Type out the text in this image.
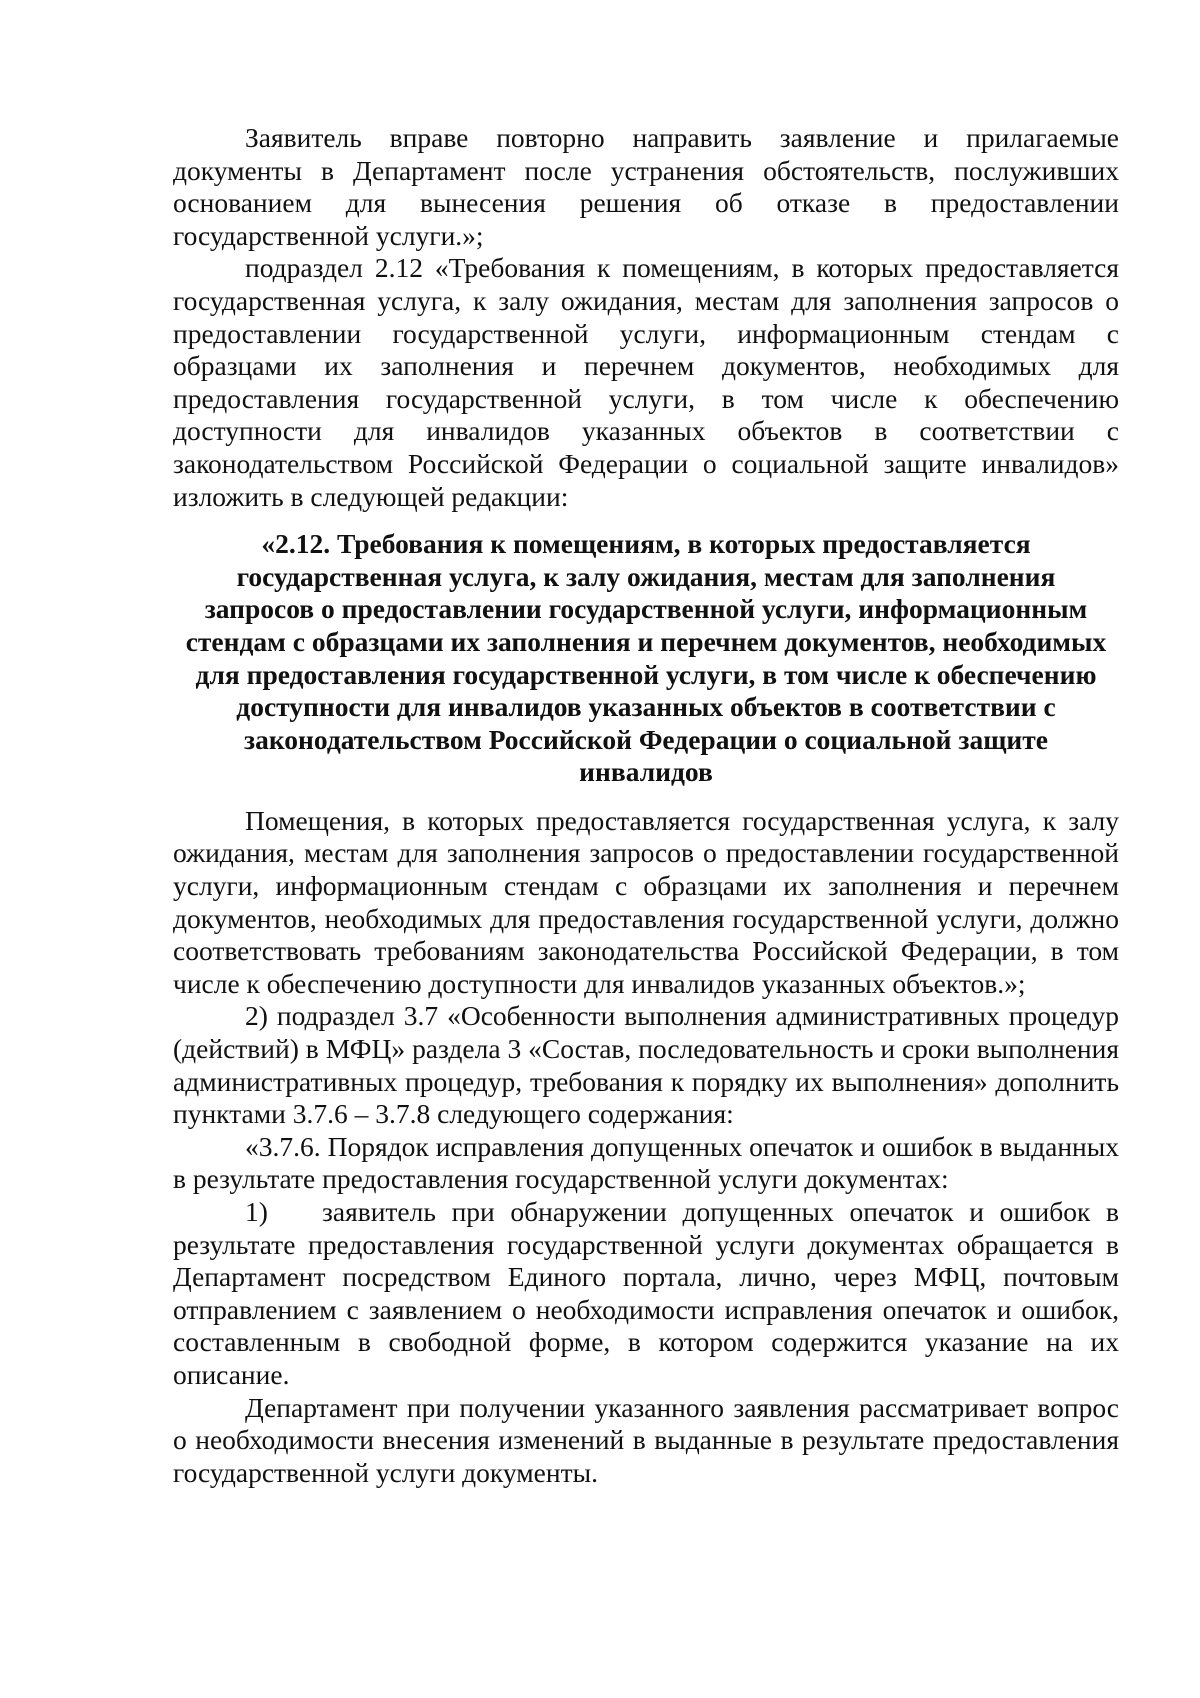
Заявитель вправе повторно направить заявление и прилагаемые документы в Департамент после устранения обстоятельств, послуживших основанием для вынесения решения об отказе в предоставлении государственной услуги.»;

подраздел 2.12 «Требования к помещениям, в которых предоставляется государственная услуга, к залу ожидания, местам для заполнения запросов о предоставлении государственной услуги, информационным стендам с образцами их заполнения и перечнем документов, необходимых для предоставления государственной услуги, в том числе к обеспечению доступности для инвалидов указанных объектов в соответствии с законодательством Российской Федерации о социальной защите инвалидов» изложить в следующей редакции:

«2.12. Требования к помещениям, в которых предоставляется государственная услуга, к залу ожидания, местам для заполнения запросов о предоставлении государственной услуги, информационным стендам с образцами их заполнения и перечнем документов, необходимых для предоставления государственной услуги, в том числе к обеспечению доступности для инвалидов указанных объектов в соответствии с законодательством Российской Федерации о социальной защите инвалидов

Помещения, в которых предоставляется государственная услуга, к залу ожидания, местам для заполнения запросов о предоставлении государственной услуги, информационным стендам с образцами их заполнения и перечнем документов, необходимых для предоставления государственной услуги, должно соответствовать требованиям законодательства Российской Федерации, в том числе к обеспечению доступности для инвалидов указанных объектов.»;

2) подраздел 3.7 «Особенности выполнения административных процедур (действий) в МФЦ» раздела 3 «Состав, последовательность и сроки выполнения административных процедур, требования к порядку их выполнения» дополнить пунктами 3.7.6 – 3.7.8 следующего содержания:

«3.7.6. Порядок исправления допущенных опечаток и ошибок в выданных в результате предоставления государственной услуги документах:

1) заявитель при обнаружении допущенных опечаток и ошибок в результате предоставления государственной услуги документах обращается в Департамент посредством Единого портала, лично, через МФЦ, почтовым отправлением с заявлением о необходимости исправления опечаток и ошибок, составленным в свободной форме, в котором содержится указание на их описание.

Департамент при получении указанного заявления рассматривает вопрос о необходимости внесения изменений в выданные в результате предоставления государственной услуги документы.
